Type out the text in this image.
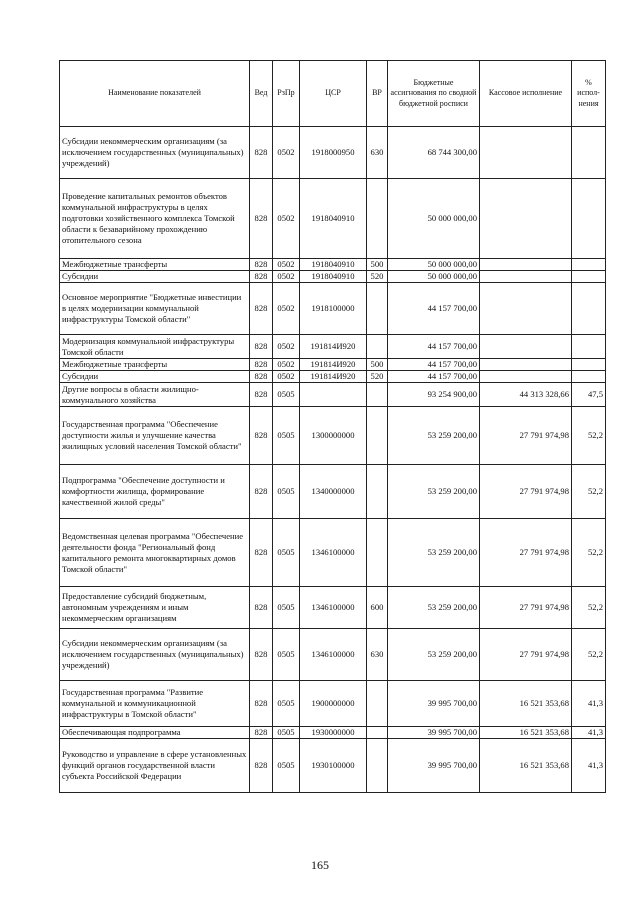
Наименование показателей	Вед	РзПр	ЦСР	ВР	Бюджетные ассигнования по сводной бюджетной росписи	Кассовое исполнение	% испол-нения
Субсидии некоммерческим организациям (за исключением государственных (муниципальных) учреждений)	828	0502	1918000950	630	68 744 300,00		
Проведение капитальных ремонтов объектов коммунальной инфраструктуры в целях подготовки хозяйственного комплекса Томской области к безаварийному прохождению отопительного сезона	828	0502	1918040910		50 000 000,00		
Межбюджетные трансферты	828	0502	1918040910	500	50 000 000,00		
Субсидии	828	0502	1918040910	520	50 000 000,00		
Основное мероприятие "Бюджетные инвестиции в целях модернизации коммунальной инфраструктуры Томской области"	828	0502	1918100000		44 157 700,00		
Модернизация коммунальной инфраструктуры Томской области	828	0502	191814И920		44 157 700,00		
Межбюджетные трансферты	828	0502	191814И920	500	44 157 700,00		
Субсидии	828	0502	191814И920	520	44 157 700,00		
Другие вопросы в области жилищно-коммунального хозяйства	828	0505			93 254 900,00	44 313 328,66	47,5
Государственная программа "Обеспечение доступности жилья и улучшение качества жилищных условий населения Томской области"	828	0505	1300000000		53 259 200,00	27 791 974,98	52,2
Подпрограмма "Обеспечение доступности и комфортности жилища, формирование качественной жилой среды"	828	0505	1340000000		53 259 200,00	27 791 974,98	52,2
Ведомственная целевая программа "Обеспечение деятельности фонда "Региональный фонд капитального ремонта многоквартирных домов Томской области"	828	0505	1346100000		53 259 200,00	27 791 974,98	52,2
Предоставление субсидий бюджетным, автономным учреждениям и иным некоммерческим организациям	828	0505	1346100000	600	53 259 200,00	27 791 974,98	52,2
Субсидии некоммерческим организациям (за исключением государственных (муниципальных) учреждений)	828	0505	1346100000	630	53 259 200,00	27 791 974,98	52,2
Государственная программа "Развитие коммунальной и коммуникационной инфраструктуры в Томской области"	828	0505	1900000000		39 995 700,00	16 521 353,68	41,3
Обеспечивающая подпрограмма	828	0505	1930000000		39 995 700,00	16 521 353,68	41,3
Руководство и управление в сфере установленных функций органов государственной власти субъекта Российской Федерации	828	0505	1930100000		39 995 700,00	16 521 353,68	41,3
165
